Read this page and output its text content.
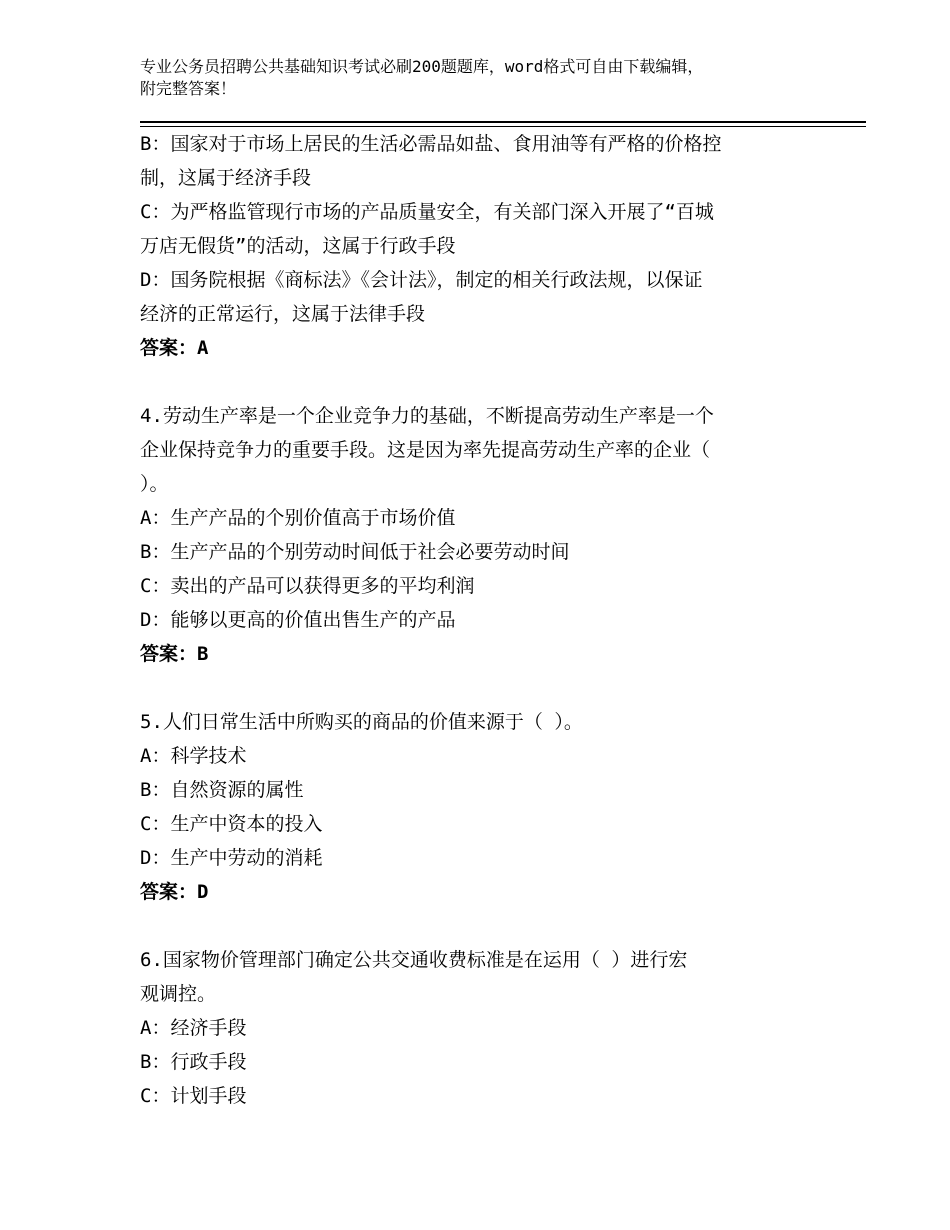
专业公务员招聘公共基础知识考试必刷200题题库，word格式可自由下载编辑，
附完整答案！
B：国家对于市场上居民的生活必需品如盐、食用油等有严格的价格控
制，这属于经济手段
C：为严格监管现行市场的产品质量安全，有关部门深入开展了“百城
万店无假货”的活动，这属于行政手段
D：国务院根据《商标法》《会计法》，制定的相关行政法规，以保证
经济的正常运行，这属于法律手段
答案：A
4.劳动生产率是一个企业竞争力的基础，不断提高劳动生产率是一个
企业保持竞争力的重要手段。这是因为率先提高劳动生产率的企业（
）。
A：生产产品的个别价值高于市场价值
B：生产产品的个别劳动时间低于社会必要劳动时间
C：卖出的产品可以获得更多的平均利润
D：能够以更高的价值出售生产的产品
答案：B
5.人们日常生活中所购买的商品的价值来源于（ ）。
A：科学技术
B：自然资源的属性
C：生产中资本的投入
D：生产中劳动的消耗
答案：D
6.国家物价管理部门确定公共交通收费标准是在运用（ ）进行宏
观调控。
A：经济手段
B：行政手段
C：计划手段
